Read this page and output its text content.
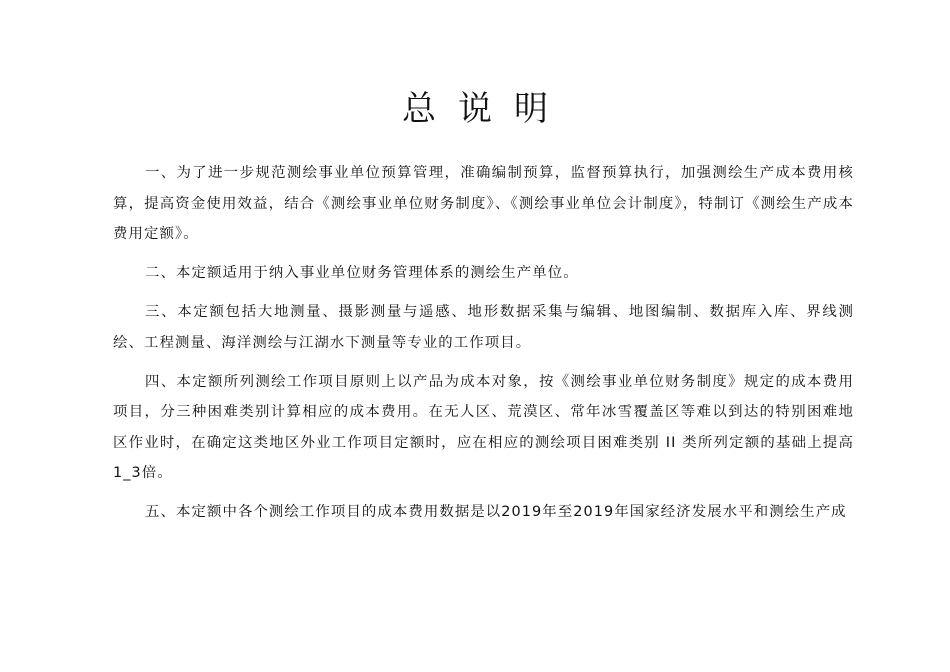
总说明

一、为了进一步规范测绘事业单位预算管理，准确编制预算，监督预算执行，加强测绘生产成本费用核算，提高资金使用效益，结合《测绘事业单位财务制度》、《测绘事业单位会计制度》，特制订《测绘生产成本费用定额》。

二、本定额适用于纳入事业单位财务管理体系的测绘生产单位。

三、本定额包括大地测量、摄影测量与遥感、地形数据采集与编辑、地图编制、数据库入库、界线测绘、工程测量、海洋测绘与江湖水下测量等专业的工作项目。

四、本定额所列测绘工作项目原则上以产品为成本对象，按《测绘事业单位财务制度》规定的成本费用项目，分三种困难类别计算相应的成本费用。在无人区、荒漠区、常年冰雪覆盖区等难以到达的特别困难地区作业时，在确定这类地区外业工作项目定额时，应在相应的测绘项目困难类别 II 类所列定额的基础上提高1_3倍。

五、本定额中各个测绘工作项目的成本费用数据是以2019年至2019年国家经济发展水平和测绘生产成
